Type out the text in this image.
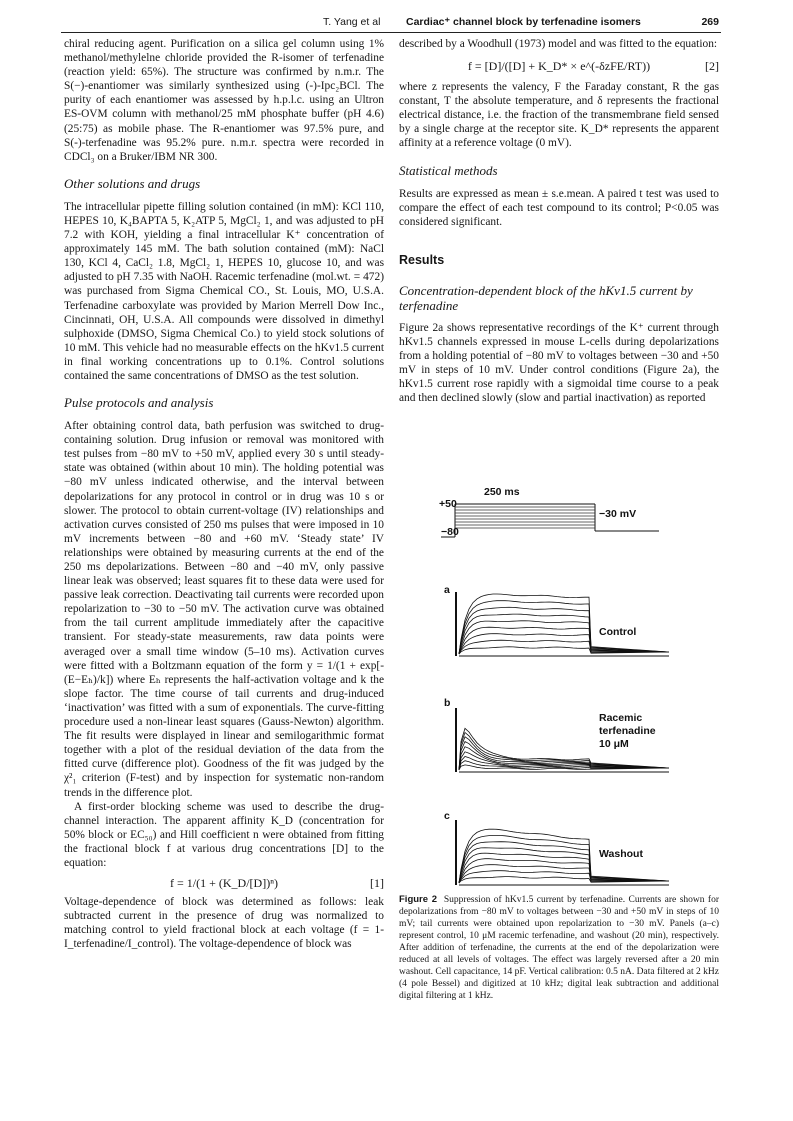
T. Yang et al Cardiac⁺ channel block by terfenadine isomers	269

chiral reducing agent. Purification on a silica gel column using 1% methanol/methylelne chloride provided the R-isomer of terfenadine (reaction yield: 65%). The structure was confirmed by n.m.r. The S(−)-enantiomer was similarly synthesized using (-)-Ipc₂BCl. The purity of each enantiomer was assessed by h.p.l.c. using an Ultron ES-OVM column with methanol/25 mM phosphate buffer (pH 4.6) (25:75) as mobile phase. The R-enantiomer was 97.5% pure, and S(-)-terfenadine was 95.2% pure. n.m.r. spectra were recorded in CDCl₃ on a Bruker/IBM NR 300.

Other solutions and drugs

The intracellular pipette filling solution contained (in mM): KCl 110, HEPES 10, K₄BAPTA 5, K₂ATP 5, MgCl₂ 1, and was adjusted to pH 7.2 with KOH, yielding a final intracellular K⁺ concentration of approximately 145 mM. The bath solution contained (mM): NaCl 130, KCl 4, CaCl₂ 1.8, MgCl₂ 1, HEPES 10, glucose 10, and was adjusted to pH 7.35 with NaOH. Racemic terfenadine (mol.wt. = 472) was purchased from Sigma Chemical CO., St. Louis, MO, U.S.A. Terfenadine carboxylate was provided by Marion Merrell Dow Inc., Cincinnati, OH, U.S.A. All compounds were dissolved in dimethyl sulphoxide (DMSO, Sigma Chemical Co.) to yield stock solutions of 10 mM. This vehicle had no measurable effects on the hKv1.5 current in final working concentrations up to 0.1%. Control solutions contained the same concentrations of DMSO as the test solution.

Pulse protocols and analysis

After obtaining control data, bath perfusion was switched to drug-containing solution. Drug infusion or removal was monitored with test pulses from −80 mV to +50 mV, applied every 30 s until steady-state was obtained (within about 10 min). The holding potential was −80 mV unless indicated otherwise, and the interval between depolarizations for any protocol in control or in drug was 10 s or slower. The protocol to obtain current-voltage (IV) relationships and activation curves consisted of 250 ms pulses that were imposed in 10 mV increments between −80 and +60 mV. ‘Steady state’ IV relationships were obtained by measuring currents at the end of the 250 ms depolarizations. Between −80 and −40 mV, only passive linear leak was observed; least squares fit to these data were used for passive leak correction. Deactivating tail currents were recorded upon repolarization to −30 to −50 mV. The activation curve was obtained from the tail current amplitude immediately after the capacitive transient. For steady-state measurements, raw data points were averaged over a small time window (5–10 ms). Activation curves were fitted with a Boltzmann equation of the form y = 1/(1 + exp[-(E−Eₕ)/k]) where Eₕ represents the half-activation voltage and k the slope factor. The time course of tail currents and drug-induced ‘inactivation’ was fitted with a sum of exponentials. The curve-fitting procedure used a non-linear least squares (Gauss-Newton) algorithm. The fit results were displayed in linear and semilogarithmic format together with a plot of the residual deviation of the data from the fitted curve (difference plot). Goodness of the fit was judged by the χ²₁ criterion (F-test) and by inspection for systematic non-random trends in the difference plot.

A first-order blocking scheme was used to describe the drug-channel interaction. The apparent affinity K_D (concentration for 50% block or EC₅₀) and Hill coefficient n were obtained from fitting the fractional block f at various drug concentrations [D] to the equation:

f = 1/(1 + (K_D/[D])ⁿ)	[1]

Voltage-dependence of block was determined as follows: leak subtracted current in the presence of drug was normalized to matching control to yield fractional block at each voltage (f = 1-I_terfenadine/I_control). The voltage-dependence of block was

described by a Woodhull (1973) model and was fitted to the equation:

f = [D]/([D] + K_D* × e^(-δzFE/RT))	[2]

where z represents the valency, F the Faraday constant, R the gas constant, T the absolute temperature, and δ represents the fractional electrical distance, i.e. the fraction of the transmembrane field sensed by a single charge at the receptor site. K_D* represents the apparent affinity at a reference voltage (0 mV).

Statistical methods

Results are expressed as mean ± s.e.mean. A paired t test was used to compare the effect of each test compound to its control; P<0.05 was considered significant.

Results
Concentration-dependent block of the hKv1.5 current by terfenadine

Figure 2a shows representative recordings of the K⁺ current through hKv1.5 channels expressed in mouse L-cells during depolarizations from a holding potential of −80 mV to voltages between −30 and +50 mV in steps of 10 mV. Under control conditions (Figure 2a), the hKv1.5 current rose rapidly with a sigmoidal time course to a peak and then declined slowly (slow and partial inactivation) as reported

250 ms
+50
−80
−30 mV
a
Control
b
Racemic
terfenadine
10 μM
c
Washout

Figure 2 Suppression of hKv1.5 current by terfenadine. Currents are shown for depolarizations from −80 mV to voltages between −30 and +50 mV in steps of 10 mV; tail currents were obtained upon repolarization to −30 mV. Panels (a–c) represent control, 10 μM racemic terfenadine, and washout (20 min), respectively. After addition of terfenadine, the currents at the end of the depolarization were reduced at all levels of voltages. The effect was largely reversed after a 20 min washout. Cell capacitance, 14 pF. Vertical calibration: 0.5 nA. Data filtered at 2 kHz (4 pole Bessel) and digitized at 10 kHz; digital leak subtraction and additional digital filtering at 1 kHz.
